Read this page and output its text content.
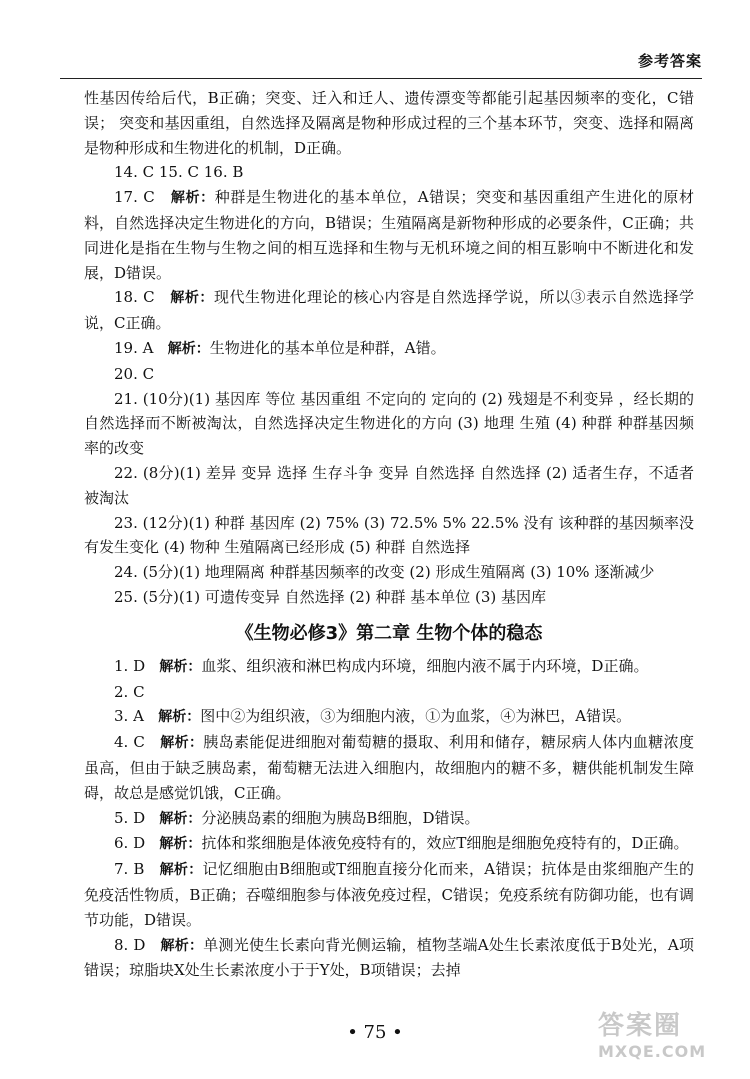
参考答案

性基因传给后代，B正确；突变、迁入和迁人、遗传漂变等都能引起基因频率的变化，C错误； 突变和基因重组，自然选择及隔离是物种形成过程的三个基本环节，突变、选择和隔离是物种形成和生物进化的机制，D正确。

14. C 15. C 16. B

17. C 解析：种群是生物进化的基本单位，A错误；突变和基因重组产生进化的原材料，自然选择决定生物进化的方向，B错误；生殖隔离是新物种形成的必要条件，C正确；共同进化是指在生物与生物之间的相互选择和生物与无机环境之间的相互影响中不断进化和发展，D错误。

18. C 解析：现代生物进化理论的核心内容是自然选择学说，所以③表示自然选择学说，C正确。

19. A 解析：生物进化的基本单位是种群，A错。

20. C

21. (10分)(1) 基因库 等位 基因重组 不定向的 定向的 (2) 残翅是不利变异 ，经长期的自然选择而不断被淘汰，自然选择决定生物进化的方向 (3) 地理 生殖 (4) 种群 种群基因频率的改变

22. (8分)(1) 差异 变异 选择 生存斗争 变异 自然选择 自然选择 (2) 适者生存，不适者被淘汰

23. (12分)(1) 种群 基因库 (2) 75% (3) 72.5% 5% 22.5% 没有 该种群的基因频率没有发生变化 (4) 物种 生殖隔离已经形成 (5) 种群 自然选择

24. (5分)(1) 地理隔离 种群基因频率的改变 (2) 形成生殖隔离 (3) 10% 逐渐减少

25. (5分)(1) 可遗传变异 自然选择 (2) 种群 基本单位 (3) 基因库

《生物必修3》第二章 生物个体的稳态

1. D 解析：血浆、组织液和淋巴构成内环境，细胞内液不属于内环境，D正确。

2. C

3. A 解析：图中②为组织液，③为细胞内液，①为血浆，④为淋巴，A错误。

4. C 解析：胰岛素能促进细胞对葡萄糖的摄取、利用和储存，糖尿病人体内血糖浓度虽高，但由于缺乏胰岛素，葡萄糖无法进入细胞内，故细胞内的糖不多，糖供能机制发生障碍，故总是感觉饥饿，C正确。

5. D 解析：分泌胰岛素的细胞为胰岛B细胞，D错误。

6. D 解析：抗体和浆细胞是体液免疫特有的，效应T细胞是细胞免疫特有的，D正确。

7. B 解析：记忆细胞由B细胞或T细胞直接分化而来，A错误；抗体是由浆细胞产生的免疫活性物质，B正确；吞噬细胞参与体液免疫过程，C错误；免疫系统有防御功能，也有调节功能，D错误。

8. D 解析：单测光使生长素向背光侧运输，植物茎端A处生长素浓度低于B处光，A项错误；琼脂块X处生长素浓度小于于Y处，B项错误；去掉

• 75 •	答案圈
MXQE.COM
